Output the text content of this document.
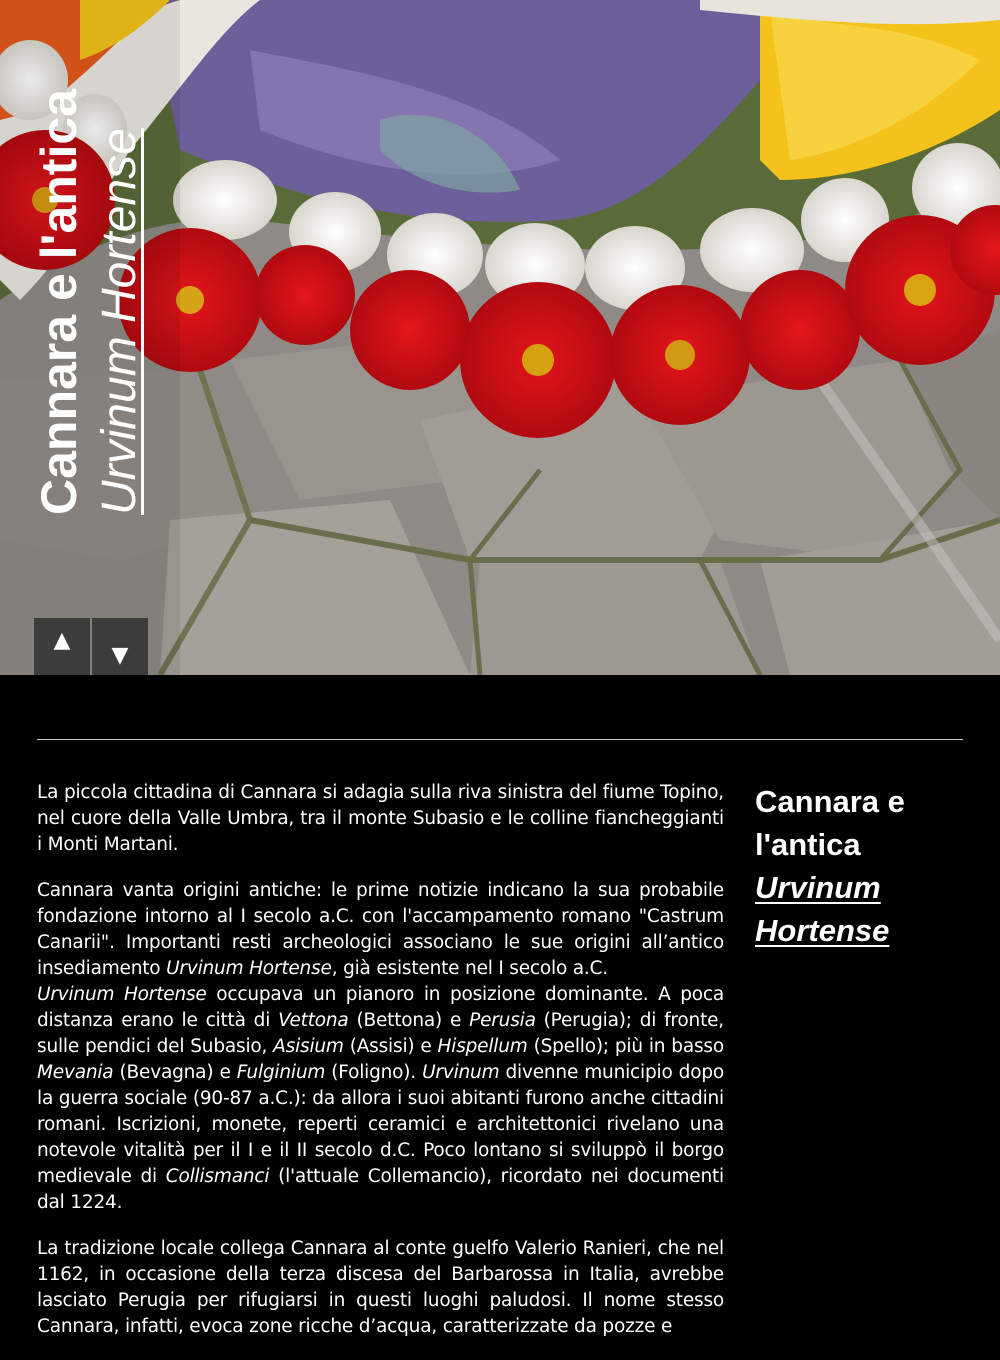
Cannara e l'antica Urvinum Hortense
▲
▼

La piccola cittadina di Cannara si adagia sulla riva sinistra del fiume Topino, nel cuore della Valle Umbra, tra il monte Subasio e le colline fiancheggianti i Monti Martani.

Cannara vanta origini antiche: le prime notizie indicano la sua probabile fondazione intorno al I secolo a.C. con l'accampamento romano "Castrum Canarii". Importanti resti archeologici associano le sue origini all’antico insediamento Urvinum Hortense, già esistente nel I secolo a.C.

Urvinum Hortense occupava un pianoro in posizione dominante. A poca distanza erano le città di Vettona (Bettona) e Perusia (Perugia); di fronte, sulle pendici del Subasio, Asisium (Assisi) e Hispellum (Spello); più in basso Mevania (Bevagna) e Fulginium (Foligno). Urvinum divenne municipio dopo la guerra sociale (90-87 a.C.): da allora i suoi abitanti furono anche cittadini romani. Iscrizioni, monete, reperti ceramici e architettonici rivelano una notevole vitalità per il I e il II secolo d.C. Poco lontano si sviluppò il borgo medievale di Collismanci (l'attuale Collemancio), ricordato nei documenti dal 1224.

La tradizione locale collega Cannara al conte guelfo Valerio Ranieri, che nel 1162, in occasione della terza discesa del Barbarossa in Italia, avrebbe lasciato Perugia per rifugiarsi in questi luoghi paludosi. Il nome stesso Cannara, infatti, evoca zone ricche d’acqua, caratterizzate da pozze e

Cannara e
l'antica
Urvinum
Hortense
